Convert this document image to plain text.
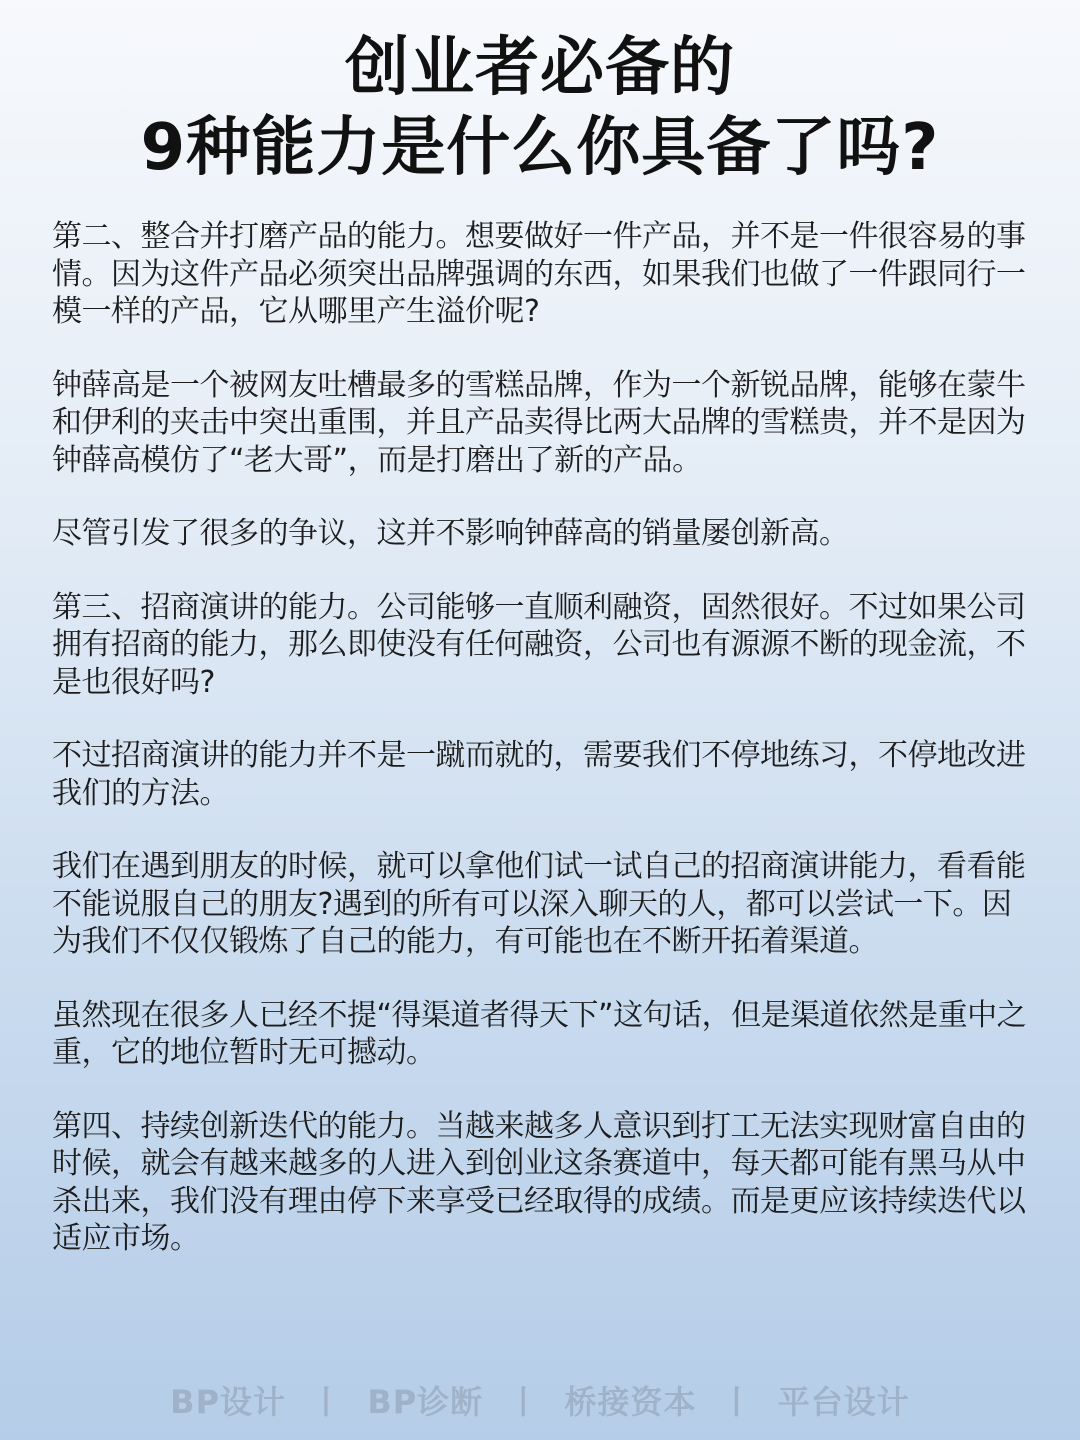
创业者必备的
9种能力是什么你具备了吗?

第二、整合并打磨产品的能力。想要做好一件产品，并不是一件很容易的事情。因为这件产品必须突出品牌强调的东西，如果我们也做了一件跟同行一模一样的产品，它从哪里产生溢价呢?

钟薛高是一个被网友吐槽最多的雪糕品牌，作为一个新锐品牌，能够在蒙牛和伊利的夹击中突出重围，并且产品卖得比两大品牌的雪糕贵，并不是因为钟薛高模仿了“老大哥”，而是打磨出了新的产品。

尽管引发了很多的争议，这并不影响钟薛高的销量屡创新高。

第三、招商演讲的能力。公司能够一直顺利融资，固然很好。不过如果公司拥有招商的能力，那么即使没有任何融资，公司也有源源不断的现金流，不是也很好吗?

不过招商演讲的能力并不是一蹴而就的，需要我们不停地练习，不停地改进我们的方法。

我们在遇到朋友的时候，就可以拿他们试一试自己的招商演讲能力，看看能不能说服自己的朋友?遇到的所有可以深入聊天的人，都可以尝试一下。因为我们不仅仅锻炼了自己的能力，有可能也在不断开拓着渠道。

虽然现在很多人已经不提“得渠道者得天下”这句话，但是渠道依然是重中之重，它的地位暂时无可撼动。

第四、持续创新迭代的能力。当越来越多人意识到打工无法实现财富自由的时候，就会有越来越多的人进入到创业这条赛道中，每天都可能有黑马从中杀出来，我们没有理由停下来享受已经取得的成绩。而是更应该持续迭代以适应市场。

BP设计 丨 BP诊断 丨 桥接资本 丨 平台设计
